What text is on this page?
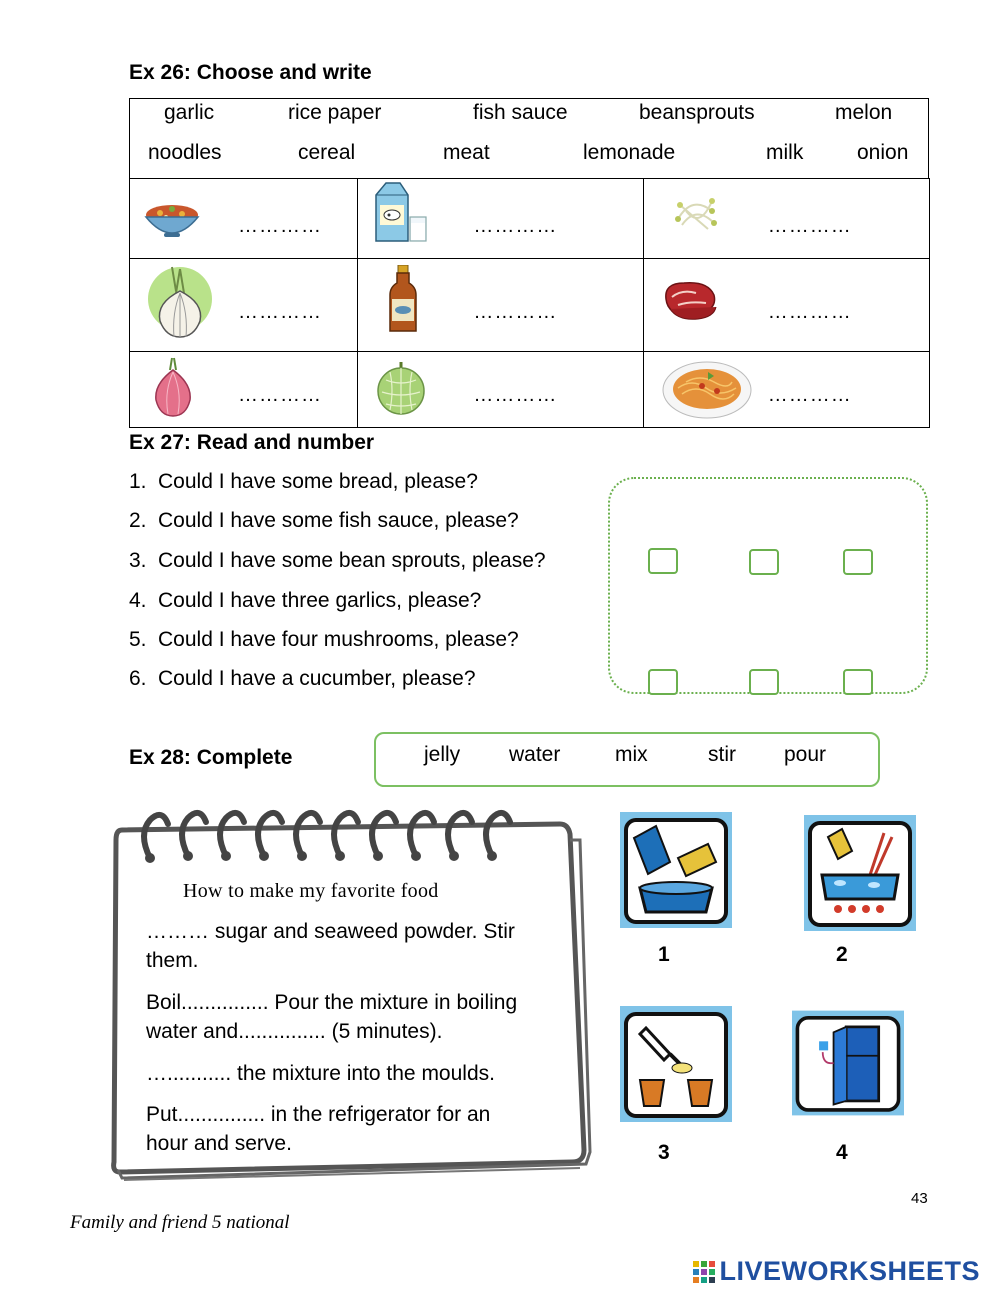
Ex 26: Choose and write
garlic	rice paper	fish sauce	beansprouts	melon
noodles	cereal	meat	lemonade	milk	onion
…………	…………	…………

…………	…………	…………

…………	…………	…………
Ex 27: Read and number
1. Could I have some bread, please?
2. Could I have some fish sauce, please?
3. Could I have some bean sprouts, please?
4. Could I have three garlics, please?
5. Could I have four mushrooms, please?
6. Could I have a cucumber, please?
Ex 28: Complete	jelly water	mix	stir pour
How to make my favorite food
……… sugar and seaweed powder. Stir
them.
Boil............... Pour the mixture in boiling
water and............... (5 minutes).
…........... the mixture into the moulds.
Put............... in the refrigerator for an
hour and serve.
1	2
3	4
43
Family and friend 5 national
LIVEWORKSHEETS
